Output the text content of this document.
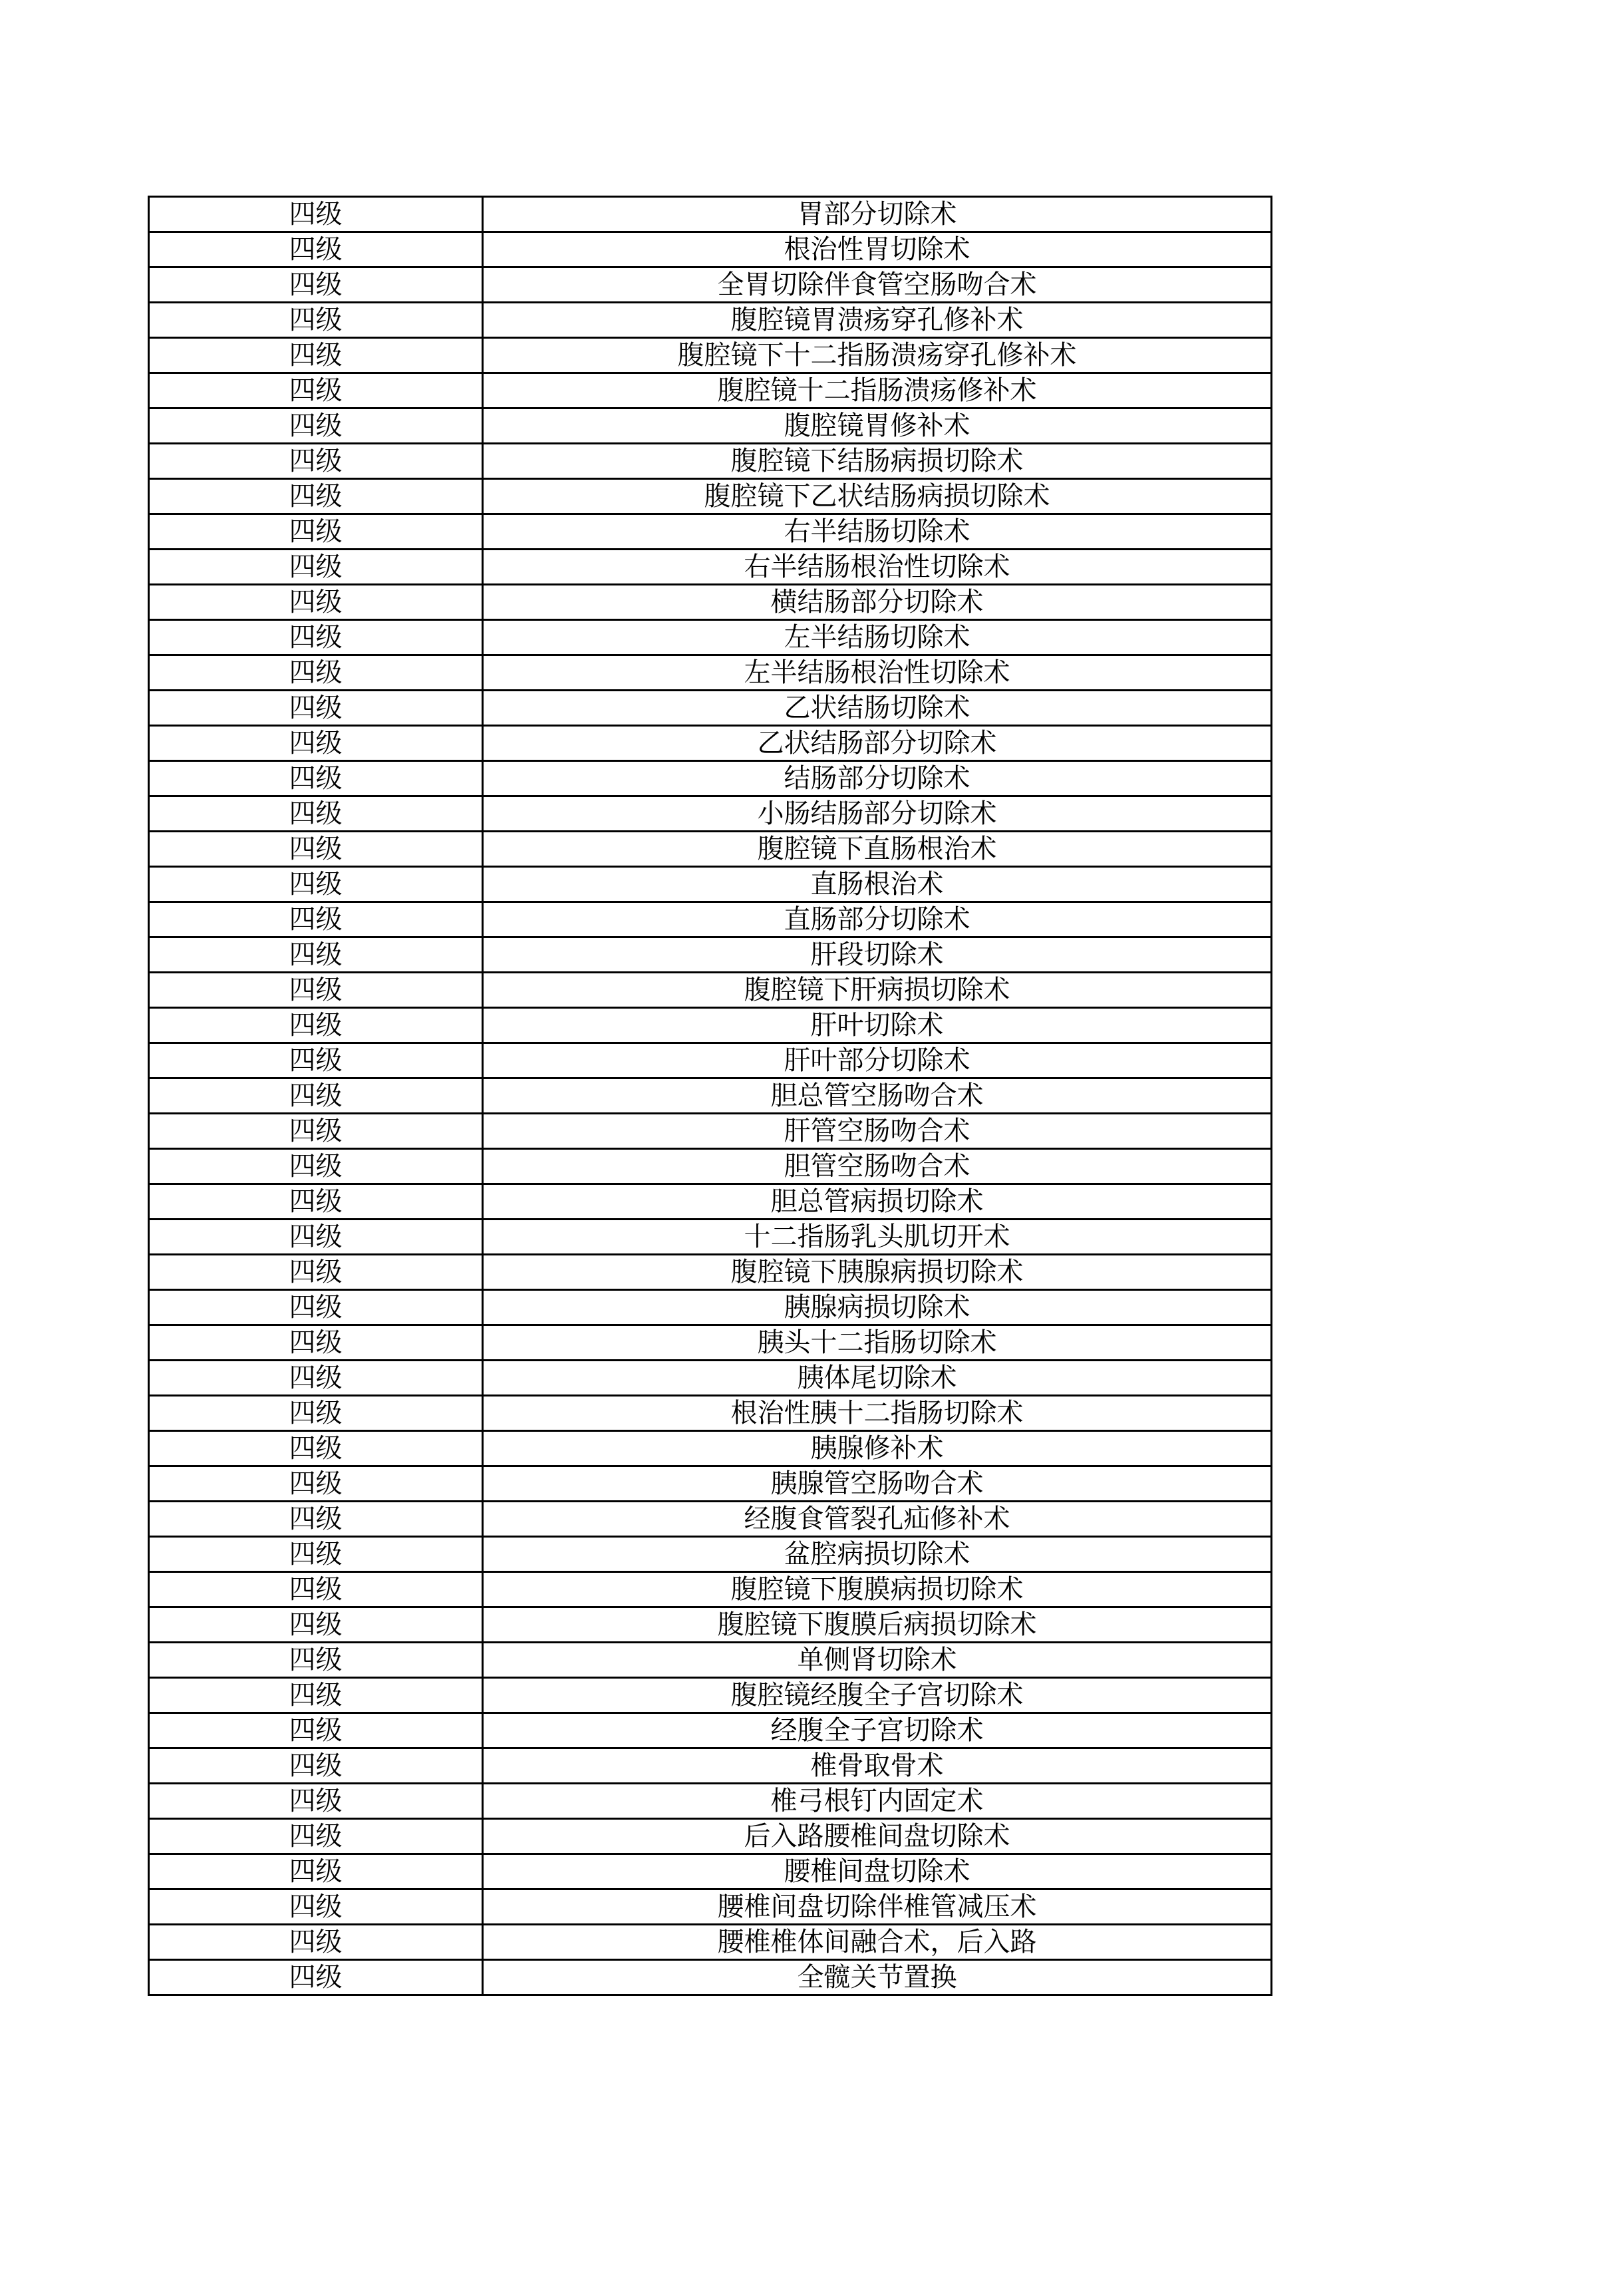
四级	胃部分切除术
四级	根治性胃切除术
四级	全胃切除伴食管空肠吻合术
四级	腹腔镜胃溃疡穿孔修补术
四级	腹腔镜下十二指肠溃疡穿孔修补术
四级	腹腔镜十二指肠溃疡修补术
四级	腹腔镜胃修补术
四级	腹腔镜下结肠病损切除术
四级	腹腔镜下乙状结肠病损切除术
四级	右半结肠切除术
四级	右半结肠根治性切除术
四级	横结肠部分切除术
四级	左半结肠切除术
四级	左半结肠根治性切除术
四级	乙状结肠切除术
四级	乙状结肠部分切除术
四级	结肠部分切除术
四级	小肠结肠部分切除术
四级	腹腔镜下直肠根治术
四级	直肠根治术
四级	直肠部分切除术
四级	肝段切除术
四级	腹腔镜下肝病损切除术
四级	肝叶切除术
四级	肝叶部分切除术
四级	胆总管空肠吻合术
四级	肝管空肠吻合术
四级	胆管空肠吻合术
四级	胆总管病损切除术
四级	十二指肠乳头肌切开术
四级	腹腔镜下胰腺病损切除术
四级	胰腺病损切除术
四级	胰头十二指肠切除术
四级	胰体尾切除术
四级	根治性胰十二指肠切除术
四级	胰腺修补术
四级	胰腺管空肠吻合术
四级	经腹食管裂孔疝修补术
四级	盆腔病损切除术
四级	腹腔镜下腹膜病损切除术
四级	腹腔镜下腹膜后病损切除术
四级	单侧肾切除术
四级	腹腔镜经腹全子宫切除术
四级	经腹全子宫切除术
四级	椎骨取骨术
四级	椎弓根钉内固定术
四级	后入路腰椎间盘切除术
四级	腰椎间盘切除术
四级	腰椎间盘切除伴椎管减压术
四级	腰椎椎体间融合术，后入路
四级	全髋关节置换
